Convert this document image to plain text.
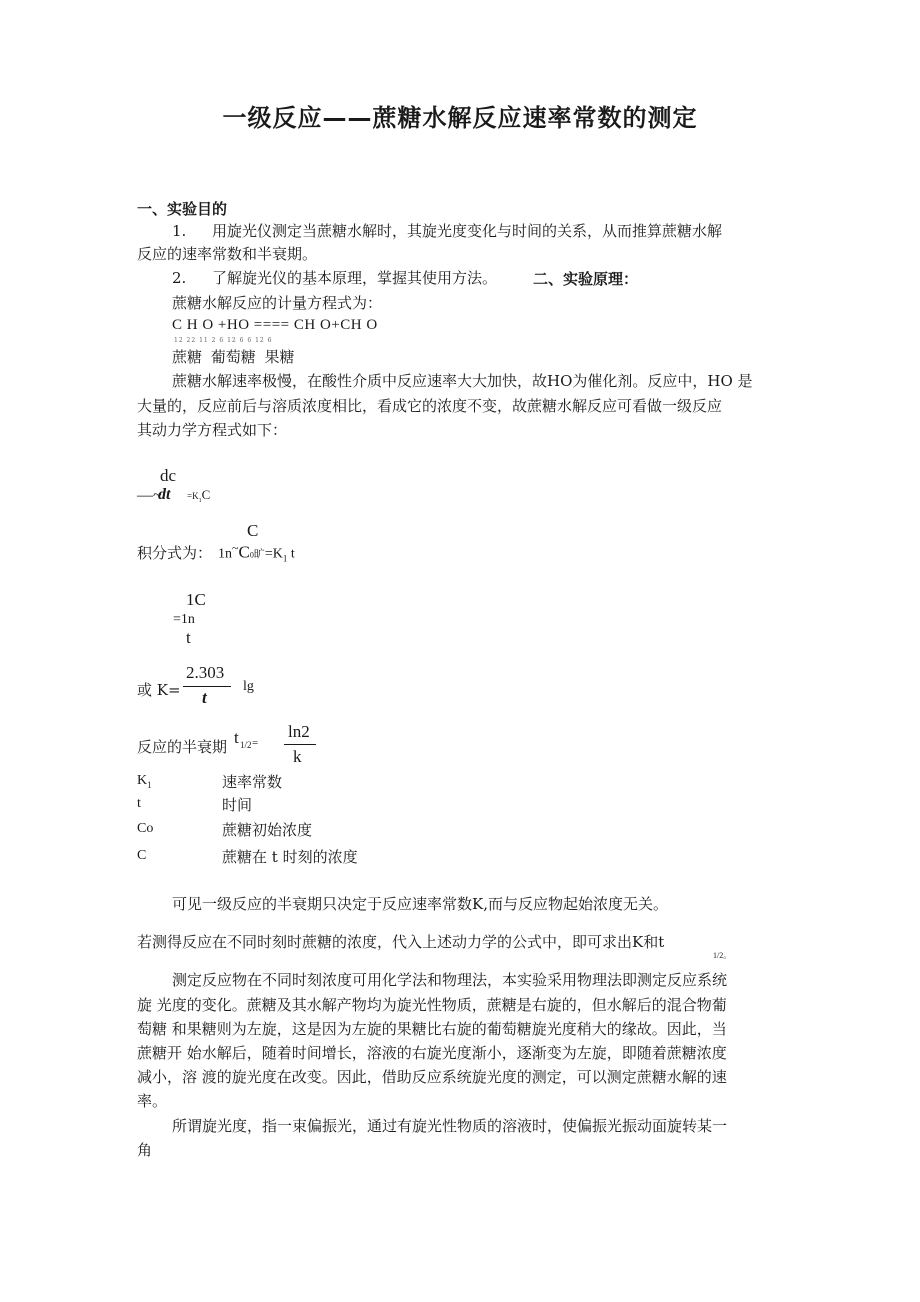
一级反应——蔗糖水解反应速率常数的测定
一、实验目的
1. 用旋光仪测定当蔗糖水解时，其旋光度变化与时间的关系，从而推算蔗糖水解
反应的速率常数和半衰期。
2. 了解旋光仪的基本原理，掌握其使用方法。 二、实验原理：
蔗糖水解反应的计量方程式为：
C H O +HO ==== CH O+CH O
12 22 11 2 6 12 6 6 12 6
蔗糖 葡萄糖 果糖
蔗糖水解速率极慢，在酸性介质中反应速率大大加快，故HO为催化剂。反应中，HO 是
大量的，反应前后与溶质浓度相比，看成它的浓度不变，故蔗糖水解反应可看做一级反应
其动力学方程式如下：
dc
—~
dt $=K_1C$
C
积分式为： 1n~C0旷$=K_1$ t
1C
=1n
t
或 K=
2.303
t
lg
反应的半衰期 t 1/2 =
ln2
k
$K_1$	速率常数
t	时间
Co	蔗糖初始浓度
C	蔗糖在 t 时刻的浓度
可见一级反应的半衰期只决定于反应速率常数K,而与反应物起始浓度无关。
若测得反应在不同时刻时蔗糖的浓度，代入上述动力学的公式中，即可求出K和t
1/2。
测定反应物在不同时刻浓度可用化学法和物理法，本实验采用物理法即测定反应系统
旋 光度的变化。蔗糖及其水解产物均为旋光性物质，蔗糖是右旋的，但水解后的混合物葡
萄糖 和果糖则为左旋，这是因为左旋的果糖比右旋的葡萄糖旋光度稍大的缘故。因此，当
蔗糖开 始水解后，随着时间增长，溶液的右旋光度渐小，逐渐变为左旋，即随着蔗糖浓度
减小，溶 渡的旋光度在改变。因此，借助反应系统旋光度的测定，可以测定蔗糖水解的速
率。
所谓旋光度，指一束偏振光，通过有旋光性物质的溶液时，使偏振光振动面旋转某一
角
